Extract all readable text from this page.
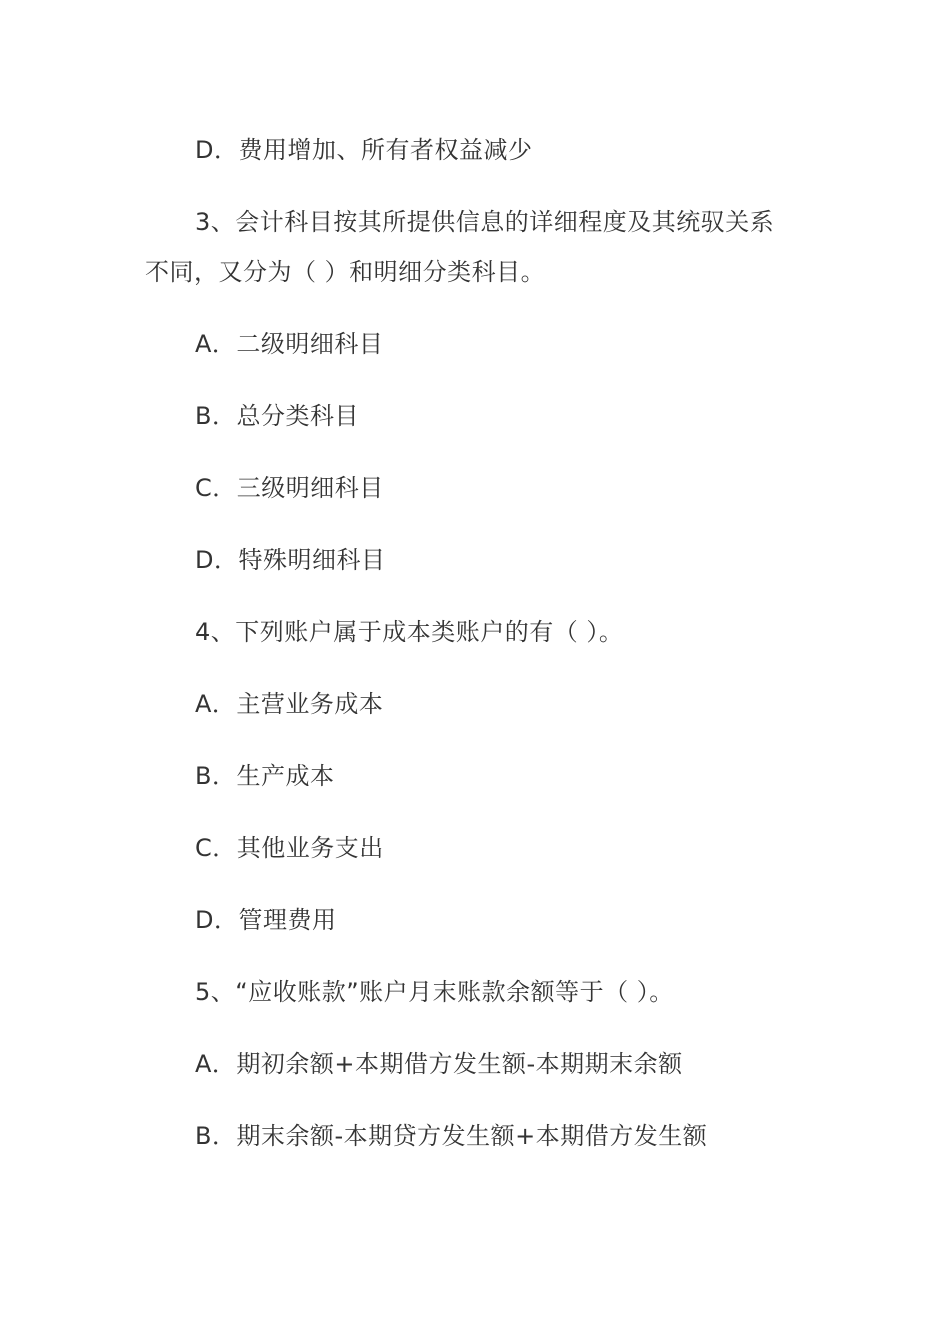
D．费用增加、所有者权益减少
3、会计科目按其所提供信息的详细程度及其统驭关系
不同，又分为（ ）和明细分类科目。
A．二级明细科目
B．总分类科目
C．三级明细科目
D．特殊明细科目
4、下列账户属于成本类账户的有（ ）。
A．主营业务成本
B．生产成本
C．其他业务支出
D．管理费用
5、“应收账款”账户月末账款余额等于（ ）。
A．期初余额+本期借方发生额-本期期末余额
B．期末余额-本期贷方发生额+本期借方发生额
